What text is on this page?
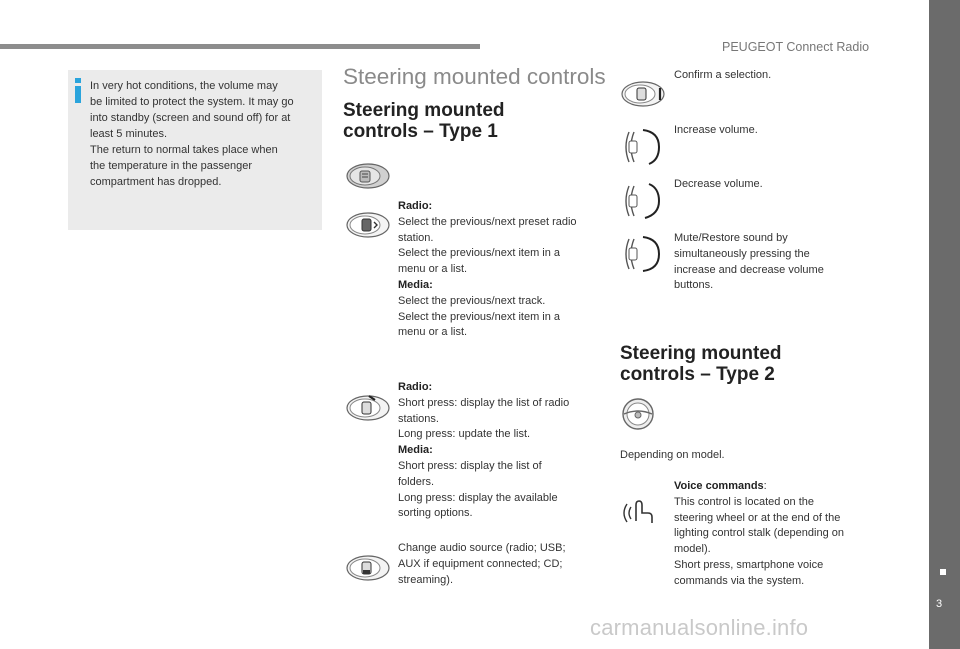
PEUGEOT Connect Radio
3
carmanualsonline.info
In very hot conditions, the volume may
be limited to protect the system. It may go
into standby (screen and sound off) for at
least 5 minutes.
The return to normal takes place when
the temperature in the passenger
compartment has dropped.
Steering mounted controls
Steering mounted
controls – Type 1
Radio:
Select the previous/next preset radio
station.
Select the previous/next item in a
menu or a list.
Media:
Select the previous/next track.
Select the previous/next item in a
menu or a list.
Radio:
Short press: display the list of radio
stations.
Long press: update the list.
Media:
Short press: display the list of
folders.
Long press: display the available
sorting options.
Change audio source (radio; USB;
AUX if equipment connected; CD;
streaming).
Confirm a selection.
Increase volume.
Decrease volume.
Mute/Restore sound by
simultaneously pressing the
increase and decrease volume
buttons.
Steering mounted
controls – Type 2
Depending on model.
Voice commands:
This control is located on the
steering wheel or at the end of the
lighting control stalk (depending on
model).
Short press, smartphone voice
commands via the system.
